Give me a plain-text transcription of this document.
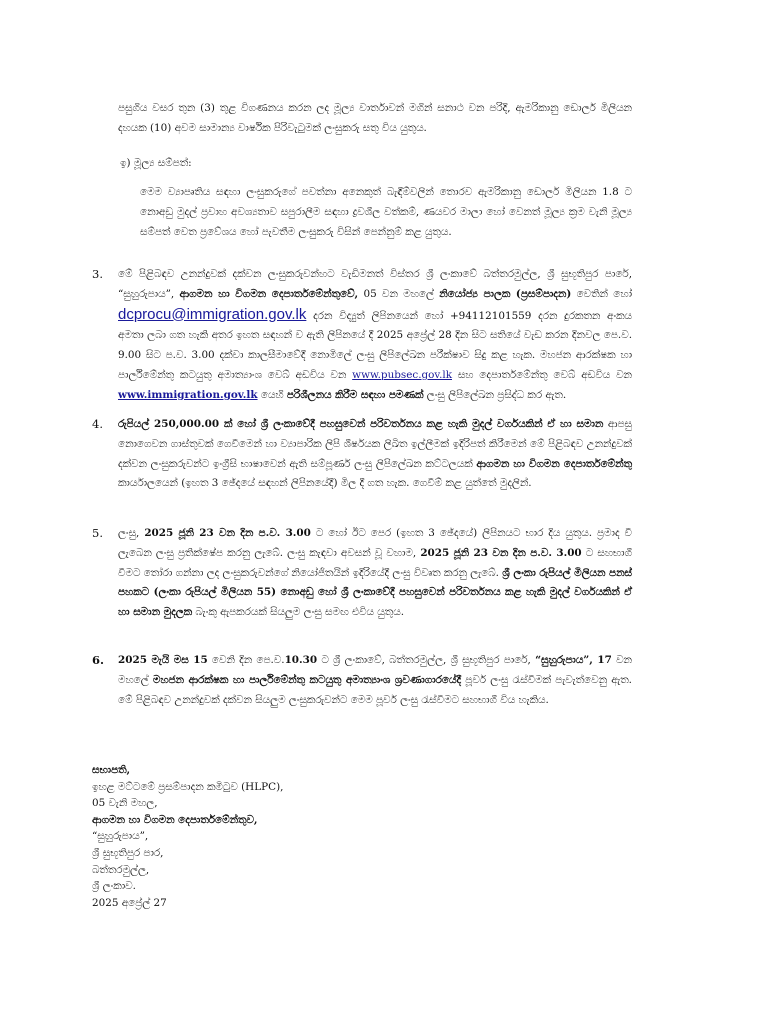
පසුගිය වසර තුන (3) තුළ විගණනය කරන ලද මූල්‍ය වාර්තාවන් මගින් සනාථ වන පරිදි, ඇමරිකානු ඩොලර් මිලියන දහයක (10) අවම සාමාන්‍ය වාර්ෂික පිරිවැටුමක් ලංසුකරු සතු විය යුතුය.
ඉ) මූල්‍ය සම්පත්:
මෙම ව්‍යාපෘතිය සඳහා ලංසුකරුගේ පවත්නා අනෙකුත් බැඳීම්වලින් තොරව ඇමරිකානු ඩොලර් මිලියන 1.8 ට නොඅඩු මුදල් ප්‍රවාහ අවශ්‍යතාව සපුරාලීම සඳහා ද්‍රවශීල වත්කම්, ණයවර මාලා හෝ වෙනත් මූල්‍ය ක්‍රම වැනි මූල්‍ය සම්පත් වෙත ප්‍රවේශය හෝ පැවතීම ලංසුකරු විසින් පෙන්නුම් කළ යුතුය.
3. මේ පිළිබඳව උනන්දුවක් දක්වන ලංසුකරුවන්හට වැඩිමනත් විස්තර ශ්‍රී ලංකාවේ බත්තරමුල්ල, ශ්‍රී සුභූතිපුර පාරේ, “සුහුරුපාය”, ආගමන හා විගමන දෙපාර්තමේන්තුවේ, 05 වන මහලේ නියෝජ්‍ය පාලක (ප්‍රසම්පාදන) වෙතින් හෝ dcprocu@immigration.gov.lk දරන විද්‍යුත් ලිපිනයෙන් හෝ +94112101559 දරන දුරකතන අංකය අමතා ලබා ගත හැකි අතර ඉහත සඳහන් ව ඇති ලිපිනයේ දී 2025 අප්‍රේල් 28 දින සිට සතියේ වැඩ කරන දිනවල පෙ.ව. 9.00 සිට ප.ව. 3.00 දක්වා කාලසීමාවේදී නොමිලේ ලංසු ලිපිලේඛන පරීක්ෂාව සිදු කළ හැක. මහජන ආරක්ෂක හා පාර්ලිමේන්තු කටයුතු අමාත්‍යාංශ වෙබ් අඩවිය වන www.pubsec.gov.lk සහ දෙපාර්තමේන්තු වෙබ් අඩවිය වන www.immigration.gov.lk යෙහි පරිශීලනය කිරීම සඳහා පමණක් ලංසු ලිපිලේඛන ප්‍රසිද්ධ කර ඇත.
4. රුපියල් 250,000.00 ක් හෝ ශ්‍රී ලංකාවේදී පහසුවෙන් පරිවර්තනය කළ හැකි මුදල් වර්ගයකින් ඒ හා සමාන ආපසු නොගෙවන ගාස්තුවක් ගෙවීමෙන් හා ව්‍යාපාරික ලිපි ශීර්ෂයක ලිඛිත ඉල්ලීමක් ඉදිරිපත් කිරීමෙන් මේ පිළිබඳව උනන්දුවක් දක්වන ලංසුකරුවන්ට ඉංග්‍රීසි භාෂාවෙන් ඇති සම්පූර්ණ ලංසු ලිපිලේඛන කට්ටලයක් ආගමන හා විගමන දෙපාර්තමේන්තු කාර්යාලයෙන් (ඉහත 3 ඡේදයේ සඳහන් ලිපිනයේදී) මිල දී ගත හැක. ගෙවීම් කළ යුත්තේ මුදලින්.
5. ලංසු, 2025 ජූනි 23 වන දින ප.ව. 3.00 ට හෝ ඊට පෙර (ඉහත 3 ඡේදයේ) ලිපිනයට භාර දිය යුතුය. ප්‍රමාද වී ලැබෙන ලංසු ප්‍රතික්ෂේප කරනු ලැබේ. ලංසු කැඳවා අවසන් වූ වහාම, 2025 ජූනි 23 වන දින ප.ව. 3.00 ට සහභාගී වීමට තෝරා ගන්නා ලද ලංසුකරුවන්ගේ නියෝජිතයින් ඉදිරියේදී ලංසු විවෘත කරනු ලැබේ. ශ්‍රී ලංකා රුපියල් මිලියන පනස් පහකට (ලංකා රුපියල් මිලියන 55) නොඅඩු හෝ ශ්‍රී ලංකාවේදී පහසුවෙන් පරිවර්තනය කළ හැකි මුදල් වර්ගයකින් ඒ හා සමාන මුදලක බැංකු ඇපකරයක් සියලුම ලංසු සමඟ එවිය යුතුය.
6. 2025 මැයි මස 15 වෙනි දින පෙ.ව.10.30 ට ශ්‍රී ලංකාවේ, බත්තරමුල්ල, ශ්‍රී සුභූතිපුර පාරේ, “සුහුරුපාය”, 17 වන මහලේ මහජන ආරක්ෂක හා පාර්ලිමේන්තු කටයුතු අමාත්‍යාංශ ශ්‍රවණාගාරයේදී පූර්ව ලංසු රැස්වීමක් පැවැත්වෙනු ඇත. මේ පිළිබඳව උනන්දුවක් දක්වන සියලුම ලංසුකරුවන්ට මෙම පූර්ව ලංසු රැස්වීමට සහභාගී විය හැකිය.
සභාපති,
ඉහළ මට්ටමේ ප්‍රසම්පාදන කමිටුව (HLPC),
05 වැනි මහල,
ආගමන හා විගමන දෙපාර්තමේන්තුව,
“සුහුරුපාය”,
ශ්‍රී සුභූතිපුර පාර,
බත්තරමුල්ල,
ශ්‍රී ලංකාව.
2025 අප්‍රේල් 27
